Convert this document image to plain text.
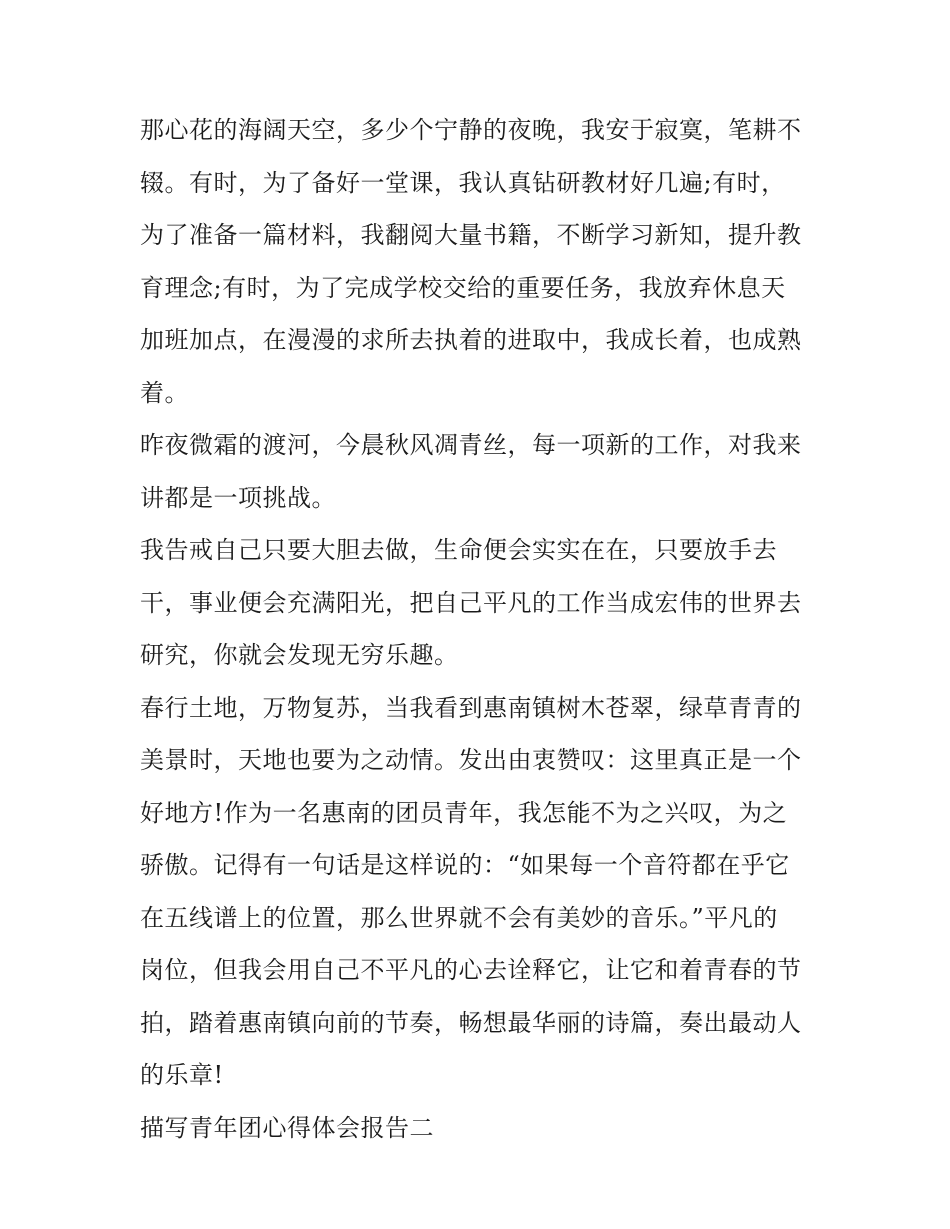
那心花的海阔天空，多少个宁静的夜晚，我安于寂寞，笔耕不
辍。有时，为了备好一堂课，我认真钻研教材好几遍;有时，
为了准备一篇材料，我翻阅大量书籍，不断学习新知，提升教
育理念;有时，为了完成学校交给的重要任务，我放弃休息天
加班加点，在漫漫的求所去执着的进取中，我成长着，也成熟
着。
昨夜微霜的渡河，今晨秋风凋青丝，每一项新的工作，对我来
讲都是一项挑战。
我告戒自己只要大胆去做，生命便会实实在在，只要放手去
干，事业便会充满阳光，把自己平凡的工作当成宏伟的世界去
研究，你就会发现无穷乐趣。
春行土地，万物复苏，当我看到惠南镇树木苍翠，绿草青青的
美景时，天地也要为之动情。发出由衷赞叹：这里真正是一个
好地方!作为一名惠南的团员青年，我怎能不为之兴叹，为之
骄傲。记得有一句话是这样说的：“如果每一个音符都在乎它
在五线谱上的位置，那么世界就不会有美妙的音乐。”平凡的
岗位，但我会用自己不平凡的心去诠释它，让它和着青春的节
拍，踏着惠南镇向前的节奏，畅想最华丽的诗篇，奏出最动人
的乐章!
描写青年团心得体会报告二
